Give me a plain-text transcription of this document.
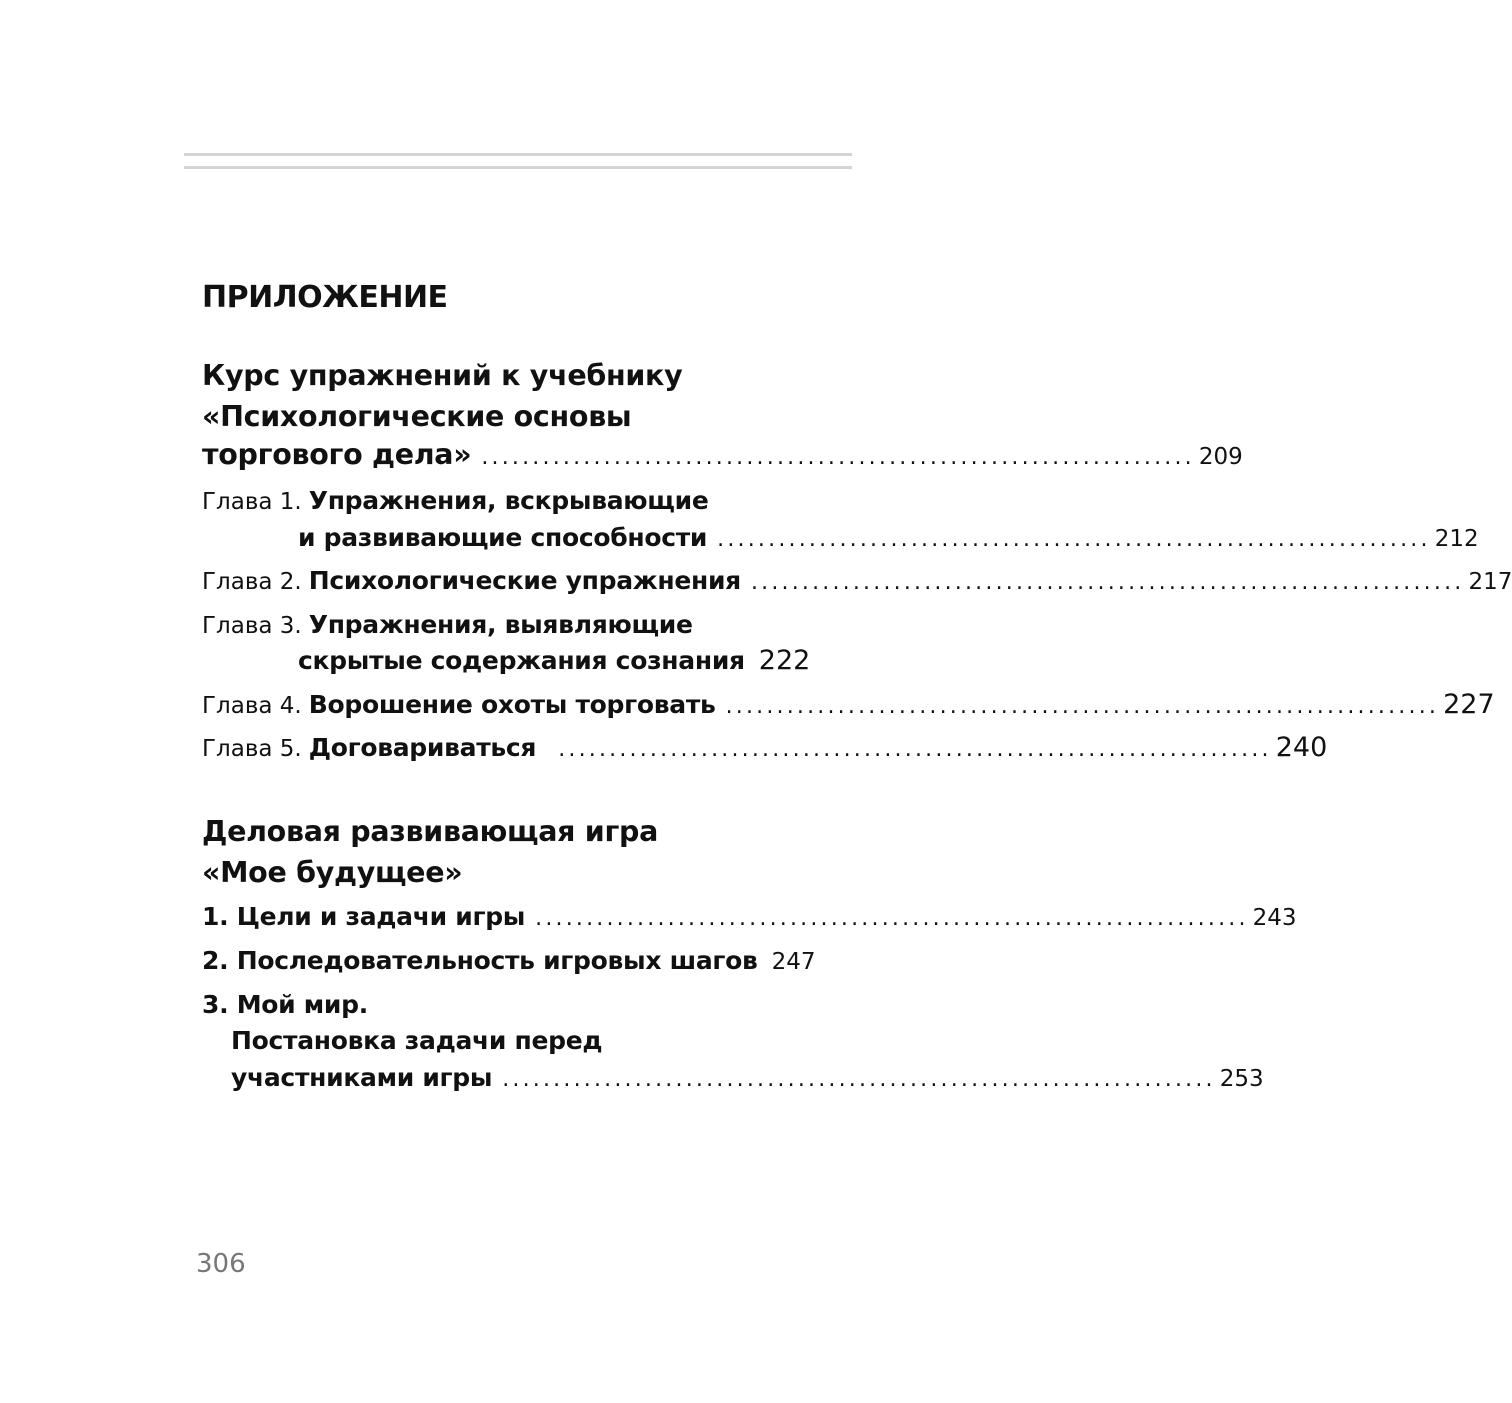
ПРИЛОЖЕНИЕ
Курс упражнений к учебнику
«Психологические основы
торгового дела» ...................................................................... 209
Глава 1. Упражнения, вскрывающие
и развивающие способности ...................................................................... 212
Глава 2. Психологические упражнения ...................................................................... 217
Глава 3. Упражнения, выявляющие
скрытые содержания сознания 222
Глава 4. Ворошение охоты торговать ...................................................................... 227
Глава 5. Договариваться ...................................................................... 240
Деловая развивающая игра
«Мое будущее»
1. Цели и задачи игры ...................................................................... 243
2. Последовательность игровых шагов 247
3. Мой мир.
Постановка задачи перед
участниками игры ...................................................................... 253
306
